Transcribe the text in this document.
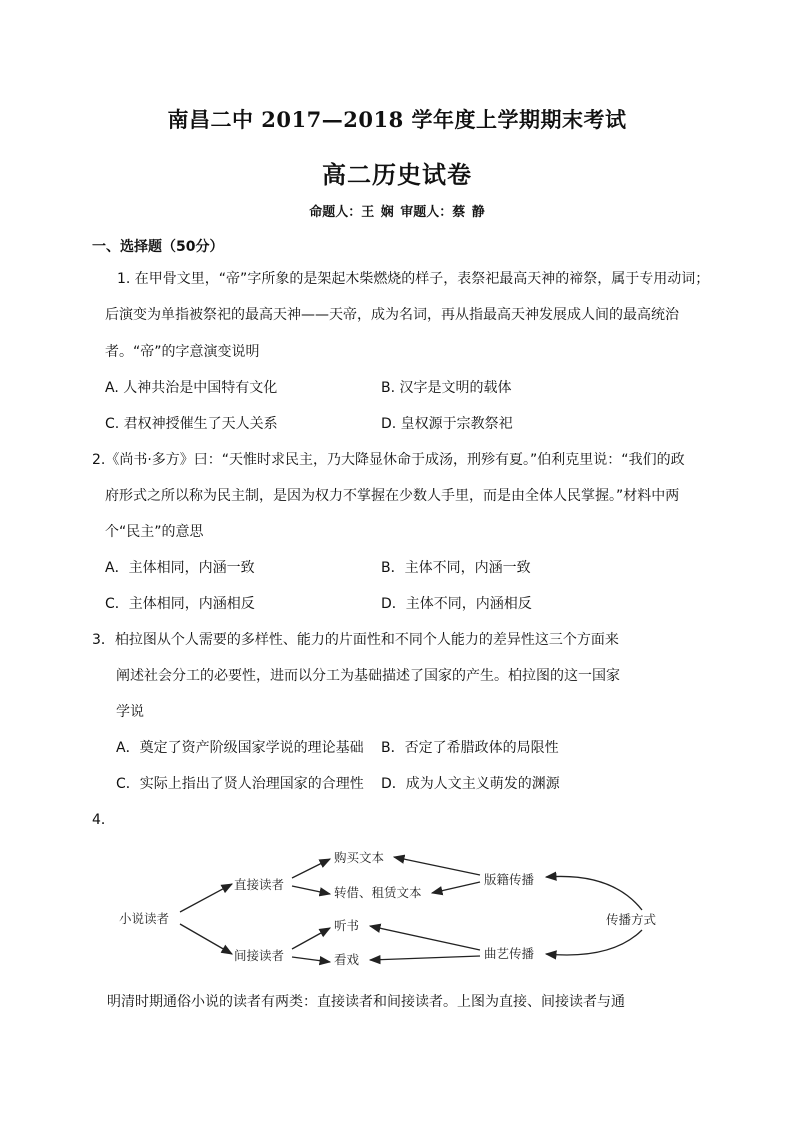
南昌二中 2017—2018 学年度上学期期末考试
高二历史试卷
命题人：王 娴 审题人：蔡 静
一、选择题（50分）
1. 在甲骨文里，“帝”字所象的是架起木柴燃烧的样子，表祭祀最高天神的禘祭，属于专用动词；
后演变为单指被祭祀的最高天神——天帝，成为名词，再从指最高天神发展成人间的最高统治
者。“帝”的字意演变说明
A. 人神共治是中国特有文化	B. 汉字是文明的载体
C. 君权神授催生了天人关系	D. 皇权源于宗教祭祀
2.《尚书·多方》曰：“天惟时求民主，乃大降显休命于成汤，刑殄有夏。”伯利克里说：“我们的政
府形式之所以称为民主制，是因为权力不掌握在少数人手里，而是由全体人民掌握。”材料中两
个“民主”的意思
A．主体相同，内涵一致	B．主体不同，内涵一致
C．主体相同，内涵相反	D．主体不同，内涵相反
3．柏拉图从个人需要的多样性、能力的片面性和不同个人能力的差异性这三个方面来
阐述社会分工的必要性，进而以分工为基础描述了国家的产生。柏拉图的这一国家
学说
A．奠定了资产阶级国家学说的理论基础 B．否定了希腊政体的局限性
C．实际上指出了贤人治理国家的合理性 D．成为人文主义萌发的渊源
4．
小说读者
直接读者
间接读者
购买文本
转借、租赁文本
听书
看戏
版籍传播
曲艺传播
传播方式
明清时期通俗小说的读者有两类：直接读者和间接读者。上图为直接、间接读者与通
